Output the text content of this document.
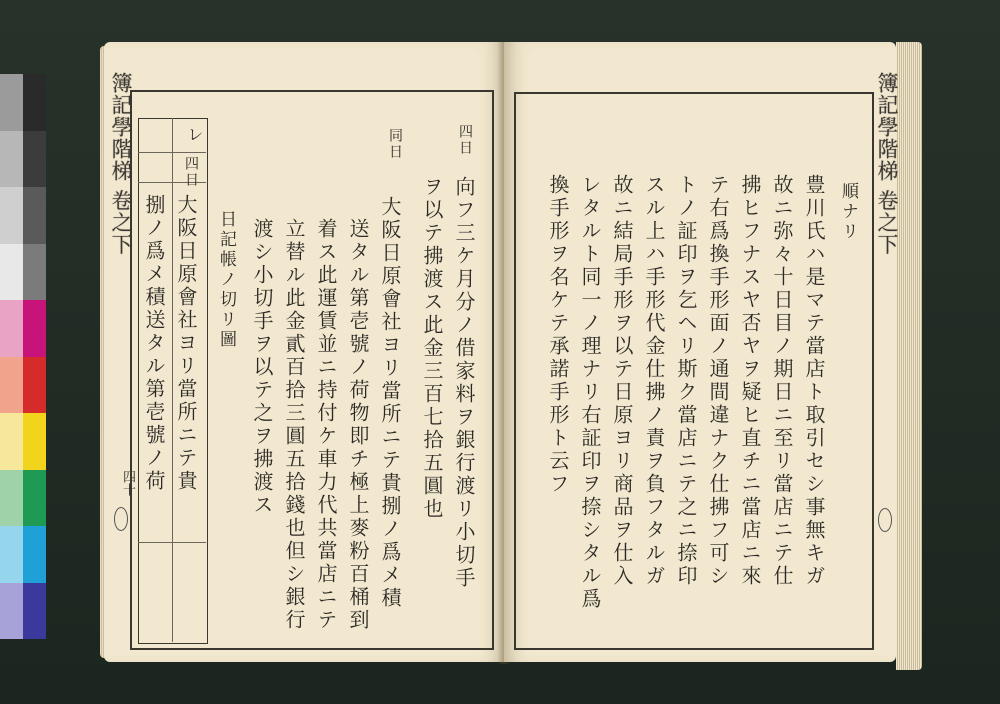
簿記學階梯 卷之下
四十
レ
四日
大阪日原會社ヨリ當所ニテ貴
捌ノ爲メ積送タル第壱號ノ荷	日記帳ノ切リ圖 渡シ小切手ヲ以テ之ヲ拂渡ス 立替ル此金貳百拾三圓五拾錢也但シ銀行 着ス此運賃並ニ持付ケ車力代共當店ニテ 送タル第壱號ノ荷物即チ極上麥粉百桶到 大阪日原會社ヨリ當所ニテ貴捌ノ爲メ積
同日	四日
向フ三ケ月分ノ借家料ヲ銀行渡リ小切手
ヲ以テ拂渡ス此金三百七拾五圓也
簿記學階梯 卷之下
順ナリ
豊川氏ハ是マテ當店ト取引セシ事無キガ
故ニ弥々十日目ノ期日ニ至リ當店ニテ仕
拂ヒフナスヤ否ヤヲ疑ヒ直チニ當店ニ來
テ右爲換手形面ノ通間違ナク仕拂フ可シ
トノ証印ヲ乞ヘリ斯ク當店ニテ之ニ捺印
スル上ハ手形代金仕拂ノ責ヲ負フタルガ
故ニ結局手形ヲ以テ日原ヨリ商品ヲ仕入
レタルト同一ノ理ナリ右証印ヲ捺シタル爲
換手形ヲ名ケテ承諾手形ト云フ
